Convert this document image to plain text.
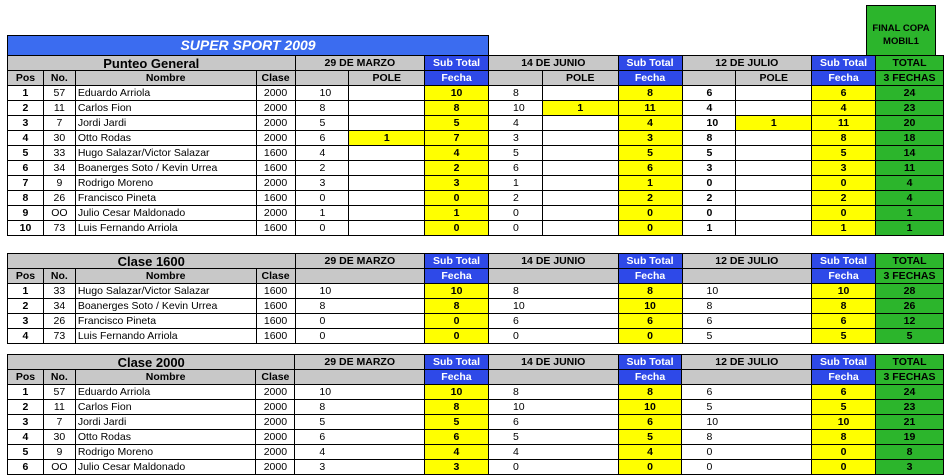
FINAL COPA
MOBIL1
SUPER SPORT 2009													
Punteo General				29 DE MARZO		Sub Total	14 DE JUNIO		Sub Total	12 DE JULIO		Sub Total	TOTAL
Pos	No.	Nombre	Clase		POLE	Fecha		POLE	Fecha		POLE	Fecha	3 FECHAS
1	57	Eduardo Arriola	2000	10		10	8		8	6		6	24
2	11	Carlos Fion	2000	8		8	10	1	11	4		4	23
3	7	Jordi Jardi	2000	5		5	4		4	10	1	11	20
4	30	Otto Rodas	2000	6	1	7	3		3	8		8	18
5	33	Hugo Salazar/Victor Salazar	1600	4		4	5		5	5		5	14
6	34	Boanerges Soto / Kevin Urrea	1600	2		2	6		6	3		3	11
7	9	Rodrigo Moreno	2000	3		3	1		1	0		0	4
8	26	Francisco Pineta	1600	0		0	2		2	2		2	4
9	OO	Julio Cesar Maldonado	2000	1		1	0		0	0		0	1
10	73	Luis Fernando Arriola	1600	0		0	0		0	1		1	1
Clase 1600				29 DE MARZO	Sub Total	14 DE JUNIO	Sub Total	12 DE JULIO	Sub Total	TOTAL
Pos	No.	Nombre	Clase		Fecha		Fecha		Fecha	3 FECHAS
1	33	Hugo Salazar/Victor Salazar	1600	10	10	8	8	10	10	28
2	34	Boanerges Soto / Kevin Urrea	1600	8	8	10	10	8	8	26
3	26	Francisco Pineta	1600	0	0	6	6	6	6	12
4	73	Luis Fernando Arriola	1600	0	0	0	0	5	5	5
Clase 2000				29 DE MARZO	Sub Total	14 DE JUNIO	Sub Total	12 DE JULIO	Sub Total	TOTAL
Pos	No.	Nombre	Clase		Fecha		Fecha		Fecha	3 FECHAS
1	57	Eduardo Arriola	2000	10	10	8	8	6	6	24
2	11	Carlos Fion	2000	8	8	10	10	5	5	23
3	7	Jordi Jardi	2000	5	5	6	6	10	10	21
4	30	Otto Rodas	2000	6	6	5	5	8	8	19
5	9	Rodrigo Moreno	2000	4	4	4	4	0	0	8
6	OO	Julio Cesar Maldonado	2000	3	3	0	0	0	0	3
